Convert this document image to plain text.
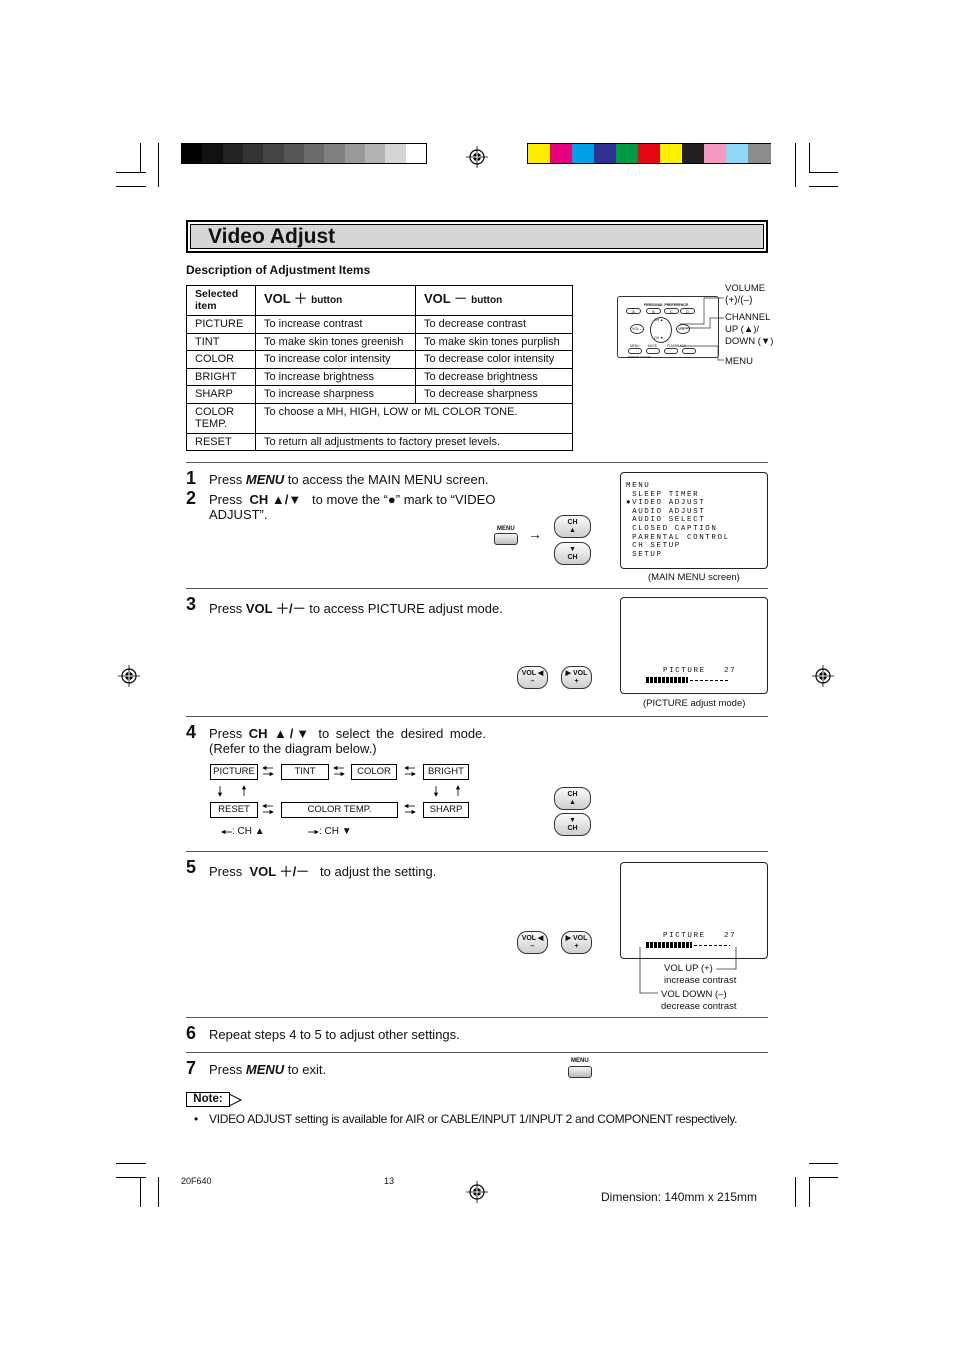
Video Adjust
Description of Adjustment Items
Selected item	VOL ＋ button	VOL － button
PICTURE	To increase contrast	To decrease contrast
TINT	To make skin tones greenish	To make skin tones purplish
COLOR	To increase color intensity	To decrease color intensity
BRIGHT	To increase brightness	To decrease brightness
SHARP	To increase sharpness	To decrease sharpness
COLOR TEMP.	To choose a MH, HIGH, LOW or ML COLOR TONE.	
RESET	To return all adjustments to factory preset levels.	
PERSONAL PREFERENCE
A	B	C	D
VOL –	VOL +
CH ▲
CH ▼
MENU	MUTE	FLASHBACK
POWER ON/OFF
VOLUME
(+)/(–)
CHANNEL
UP (▲)/
DOWN (▼)
MENU
1 Press MENU to access the MAIN MENU screen.
2 Press CH ▲/▼ to move the “●” mark to “VIDEO
ADJUST”.
MENU →
CH
▲
▼
CH
MENU
SLEEP TIMER
●VIDEO ADJUST
AUDIO ADJUST
AUDIO SELECT
CLOSED CAPTION
PARENTAL CONTROL
CH SETUP
SETUP
(MAIN MENU screen)
3 Press VOL ＋/－ to access PICTURE adjust mode.
VOL ◀
–
▶ VOL
+
PICTURE 27
(PICTURE adjust mode)
4 Press CH ▲/▼ to select the desired mode.
(Refer to the diagram below.)
PICTURE	TINT	COLOR	BRIGHT
RESET	COLOR TEMP.	SHARP
: CH ▲	: CH ▼
CH
▲
▼
CH
5 Press VOL ＋/－ to adjust the setting.
VOL ◀
–
▶ VOL
+
PICTURE 27
VOL UP (+)
increase contrast
VOL DOWN (–)
decrease contrast
6 Repeat steps 4 to 5 to adjust other settings.
7 Press MENU to exit.
MENU
Note:
• VIDEO ADJUST setting is available for AIR or CABLE/INPUT 1/INPUT 2 and COMPONENT respectively.
20F640	13
Dimension: 140mm x 215mm
